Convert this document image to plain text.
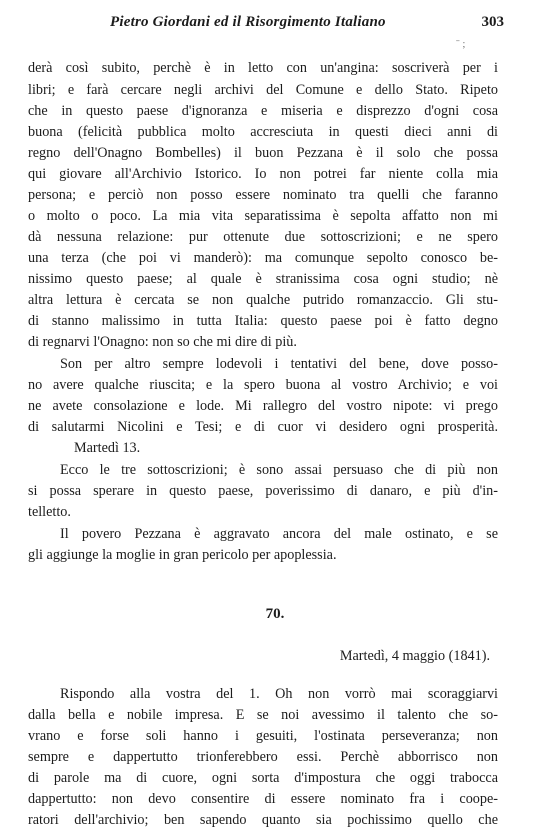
Pietro Giordani ed il Risorgimento Italiano	303
ˉ ;
derà così subito, perchè è in letto con un'angina: soscriverà per i
libri; e farà cercare negli archivi del Comune e dello Stato. Ripeto
che in questo paese d'ignoranza e miseria e disprezzo d'ogni cosa
buona (felicità pubblica molto accresciuta in questi dieci anni di
regno dell'Onagno Bombelles) il buon Pezzana è il solo che possa
qui giovare all'Archivio Istorico. Io non potrei far niente colla mia
persona; e perciò non posso essere nominato tra quelli che faranno
o molto o poco. La mia vita separatissima è sepolta affatto non mi
dà nessuna relazione: pur ottenute due sottoscrizioni; e ne spero
una terza (che poi vi manderò): ma comunque sepolto conosco be-
nissimo questo paese; al quale è stranissima cosa ogni studio; nè
altra lettura è cercata se non qualche putrido romanzaccio. Gli stu-
di stanno malissimo in tutta Italia: questo paese poi è fatto degno
di regnarvi l'Onagno: non so che mi dire di più.
Son per altro sempre lodevoli i tentativi del bene, dove posso-
no avere qualche riuscita; e la spero buona al vostro Archivio; e voi
ne avete consolazione e lode. Mi rallegro del vostro nipote: vi prego
di salutarmi Nicolini e Tesi; e di cuor vi desidero ogni prosperità.
Martedì 13.
Ecco le tre sottoscrizioni; è sono assai persuaso che di più non
si possa sperare in questo paese, poverissimo di danaro, e più d'in-
telletto.
Il povero Pezzana è aggravato ancora del male ostinato, e se
gli aggiunge la moglie in gran pericolo per apoplessia.
70.
Martedì, 4 maggio (1841).
Rispondo alla vostra del 1. Oh non vorrò mai scoraggiarvi
dalla bella e nobile impresa. E se noi avessimo il talento che so-
vrano e forse soli hanno i gesuiti, l'ostinata perseveranza; non
sempre e dappertutto trionferebbero essi. Perchè abborrisco non
di parole ma di cuore, ogni sorta d'impostura che oggi trabocca
dappertutto: non devo consentire di essere nominato fra i coope-
ratori dell'archivio; ben sapendo quanto sia pochissimo quello che
